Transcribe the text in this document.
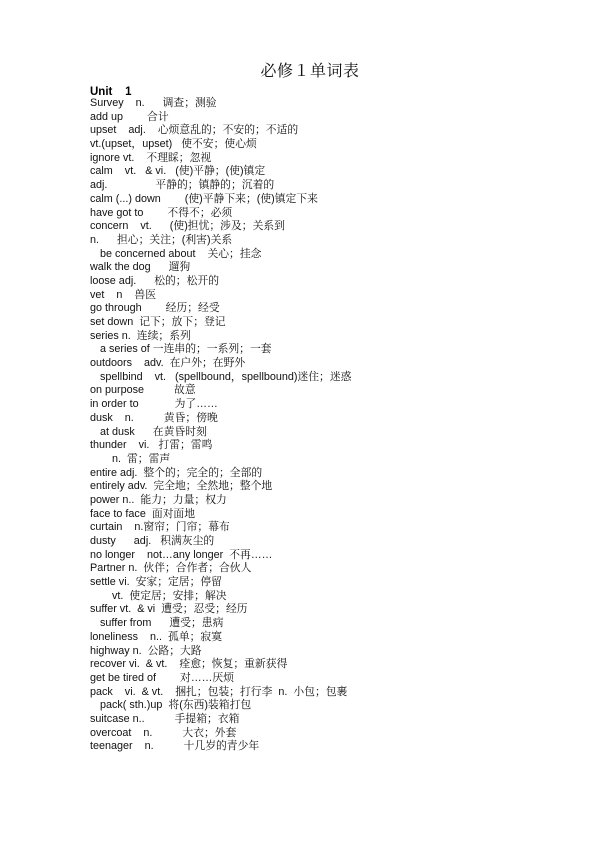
必修１单词表
Unit    1
Survey    n.      调查；测验
add up        合计
upset    adj.    心烦意乱的；不安的；不适的
vt.(upset，upset)   使不安；使心烦
ignore vt.    不理睬；忽视
calm    vt.   & vi.   (使)平静；(使)镇定
adj.                平静的；镇静的；沉着的
calm (...) down        (使)平静下来；(使)镇定下来
have got to        不得不；必须
concern    vt.      (使)担忧；涉及；关系到
n.      担心；关注；(利害)关系
be concerned about    关心；挂念
walk the dog      遛狗
loose adj.      松的；松开的
vet    n    兽医
go through        经历；经受
set down  记下；放下；登记
series n.  连续；系列
a series of 一连串的；一系列；一套
outdoors    adv.  在户外；在野外
spellbind    vt.   (spellbound，spellbound)迷住；迷惑
on purpose          故意
in order to            为了……
dusk    n.          黄昏；傍晚
at dusk      在黄昏时刻
thunder    vi.   打雷；雷鸣
n.  雷；雷声
entire adj.  整个的；完全的；全部的
entirely adv.  完全地；全然地；整个地
power n..  能力；力量；权力
face to face  面对面地
curtain    n.窗帘；门帘；幕布
dusty      adj.   积满灰尘的
no longer    not…any longer  不再……
Partner n.  伙伴；合作者；合伙人
settle vi.  安家；定居；停留
vt.  使定居；安排；解决
suffer vt.  & vi  遭受；忍受；经历
suffer from      遭受；患病
loneliness    n..  孤单；寂寞
highway n.  公路；大路
recover vi.  & vt.    痊愈；恢复；重新获得
get be tired of        对……厌烦
pack    vi.  & vt.    捆扎；包装；打行李  n.  小包；包裹
pack( sth.)up  将(东西)装箱打包
suitcase n..          手提箱；衣箱
overcoat    n.          大衣；外套
teenager    n.          十几岁的青少年
